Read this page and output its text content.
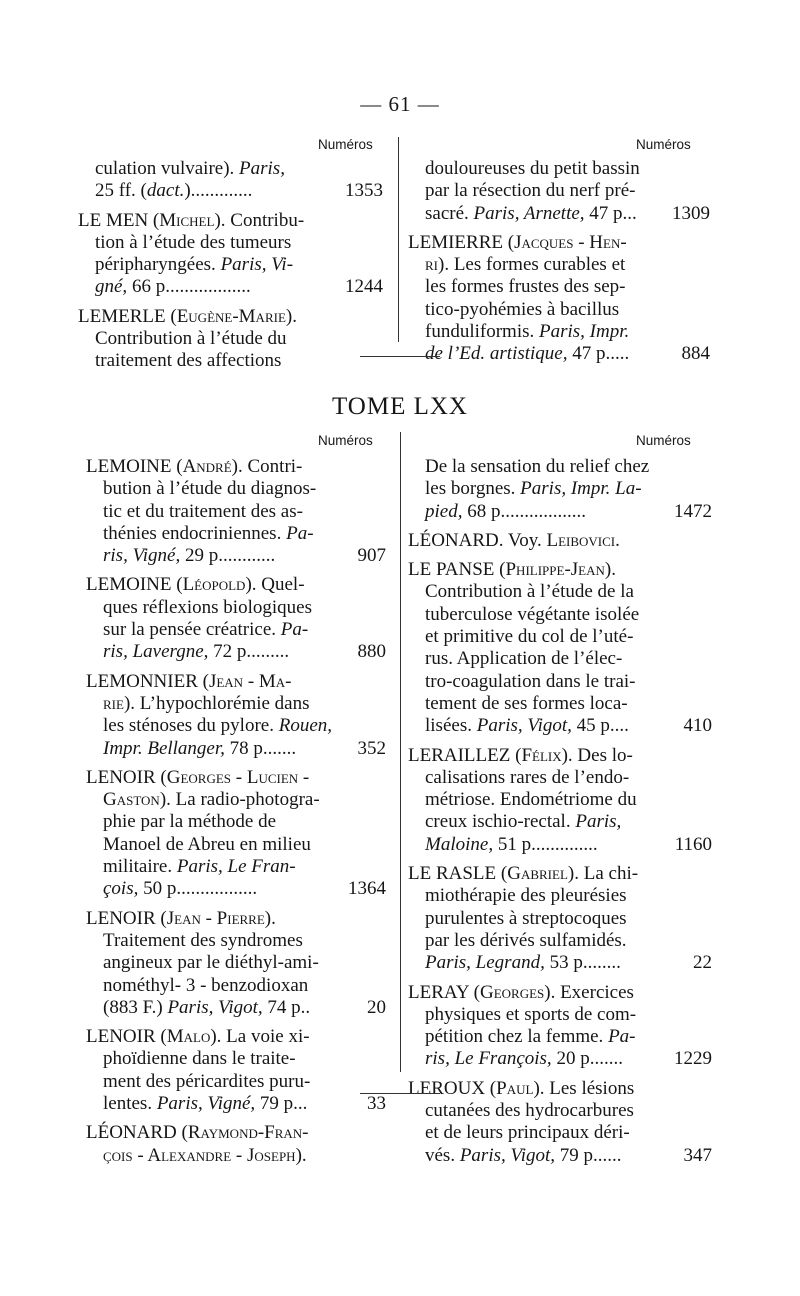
— 61 —
Numéros	Numéros
culation vulvaire). Paris,
25 ff. (dact.).............	1353
LE MEN (Michel). Contribu-
tion à l’étude des tumeurs
péripharyngées. Paris, Vi-
gné, 66 p..................	1244
LEMERLE (Eugène-Marie).
Contribution à l’étude du
traitement des affections
douloureuses du petit bassin
par la résection du nerf pré-
sacré. Paris, Arnette, 47 p... 1309
LEMIERRE (Jacques - Hen-
ri). Les formes curables et
les formes frustes des sep-
tico-pyohémies à bacillus
funduliformis. Paris, Impr.
de l’Ed. artistique, 47 p.....	884
TOME LXX
Numéros	Numéros
LEMOINE (André). Contri-
bution à l’étude du diagnos-
tic et du traitement des as-
thénies endocriniennes. Pa-
ris, Vigné, 29 p............	907
LEMOINE (Léopold). Quel-
ques réflexions biologiques
sur la pensée créatrice. Pa-
ris, Lavergne, 72 p.........	880
LEMONNIER (Jean - Ma-
rie). L’hypochlorémie dans
les sténoses du pylore. Rouen,
Impr. Bellanger, 78 p.......	352
LENOIR (Georges - Lucien -
Gaston). La radio-photogra-
phie par la méthode de
Manoel de Abreu en milieu
militaire. Paris, Le Fran-
çois, 50 p.................	1364
LENOIR (Jean - Pierre).
Traitement des syndromes
angineux par le diéthyl-ami-
nométhyl- 3 - benzodioxan
(883 F.) Paris, Vigot, 74 p..	20
LENOIR (Malo). La voie xi-
phoïdienne dans le traite-
ment des péricardites puru-
lentes. Paris, Vigné, 79 p...	33
LÉONARD (Raymond-Fran-
çois - Alexandre - Joseph).
De la sensation du relief chez
les borgnes. Paris, Impr. La-
pied, 68 p..................	1472
LÉONARD. Voy. Leibovici.
LE PANSE (Philippe-Jean).
Contribution à l’étude de la
tuberculose végétante isolée
et primitive du col de l’uté-
rus. Application de l’élec-
tro-coagulation dans le trai-
tement de ses formes loca-
lisées. Paris, Vigot, 45 p....	410
LERAILLEZ (Félix). Des lo-
calisations rares de l’endo-
métriose. Endométriome du
creux ischio-rectal. Paris,
Maloine, 51 p..............	1160
LE RASLE (Gabriel). La chi-
miothérapie des pleurésies
purulentes à streptocoques
par les dérivés sulfamidés.
Paris, Legrand, 53 p........	22
LERAY (Georges). Exercices
physiques et sports de com-
pétition chez la femme. Pa-
ris, Le François, 20 p.......	1229
LEROUX (Paul). Les lésions
cutanées des hydrocarbures
et de leurs principaux déri-
vés. Paris, Vigot, 79 p......	347
